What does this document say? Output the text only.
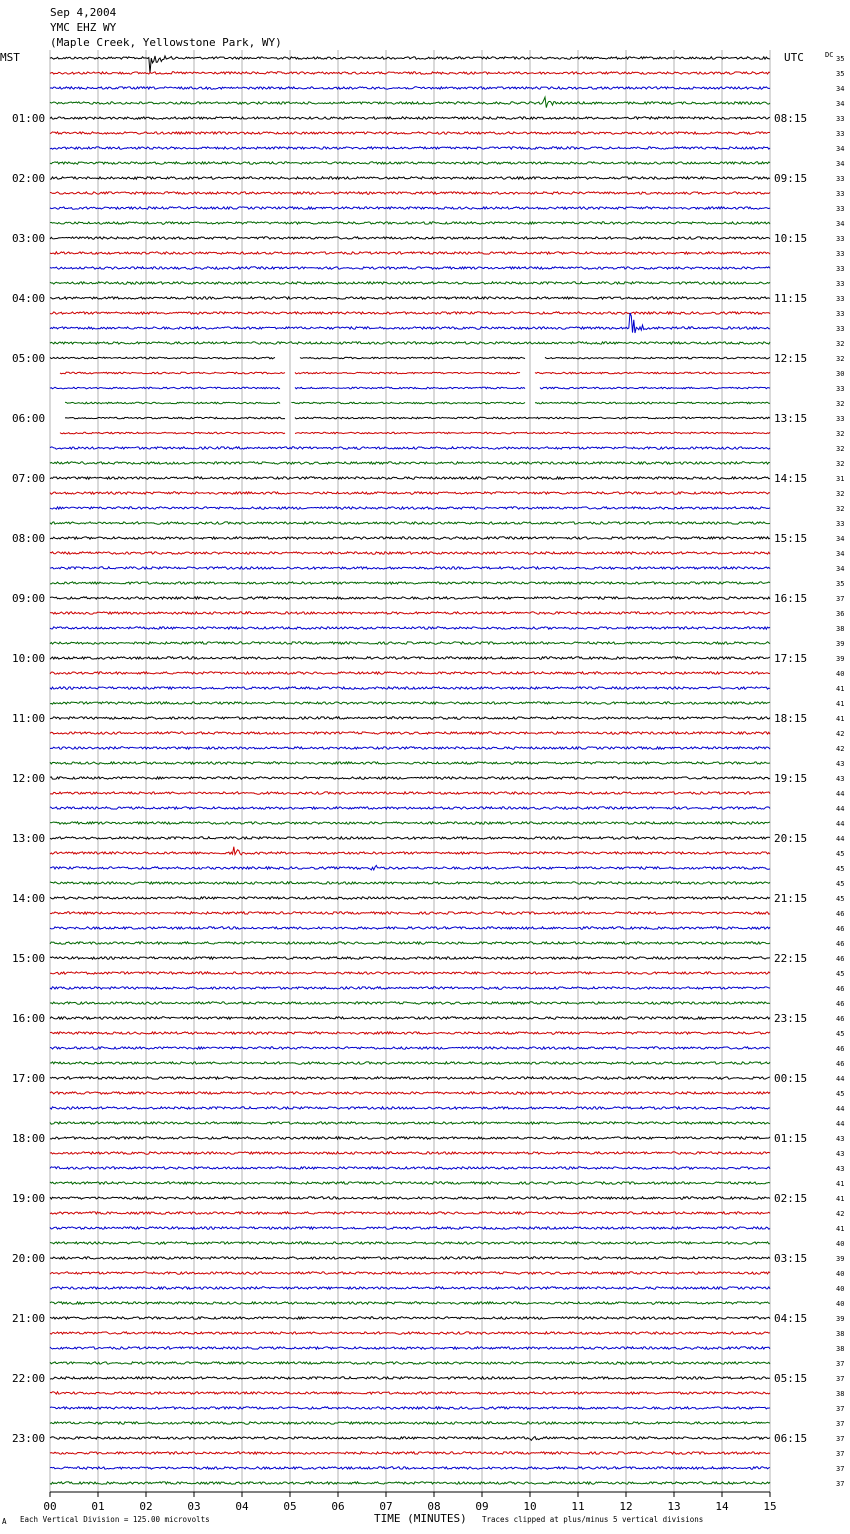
Sep 4,2004
YMC EHZ WY
(Maple Creek, Yellowstone Park, WY)
MST	UTC	DC
01:00
02:00
03:00
04:00
05:00
06:00
07:00
08:00
09:00
10:00
11:00
12:00
13:00
14:00
15:00
16:00
17:00
18:00
19:00
20:00
21:00
22:00
23:00
08:15
09:15
10:15
11:15
12:15
13:15
14:15
15:15
16:15
17:15
18:15
19:15
20:15
21:15
22:15
23:15
00:15
01:15
02:15
03:15
04:15
05:15
06:15
35
35
34
34
33
33
34
34
33
33
33
34
33
33
33
33
33
33
33
32
32
30
33
32
33
32
32
32
31
32
32
33
34
34
34
35
37
36
38
39
39
40
41
41
41
42
42
43
43
44
44
44
44
45
45
45
45
46
46
46
46
45
46
46
46
45
46
46
44
45
44
44
43
43
43
41
41
42
41
40
39
40
40
40
39
38
38
37
37
38
37
37
37
37
37
37
00	01	02	03	04	05	06	07	08	09	10	11	12	13	14	15
A Each Vertical Division = 125.00 microvolts	TIME (MINUTES) Traces clipped at plus/minus 5 vertical divisions
